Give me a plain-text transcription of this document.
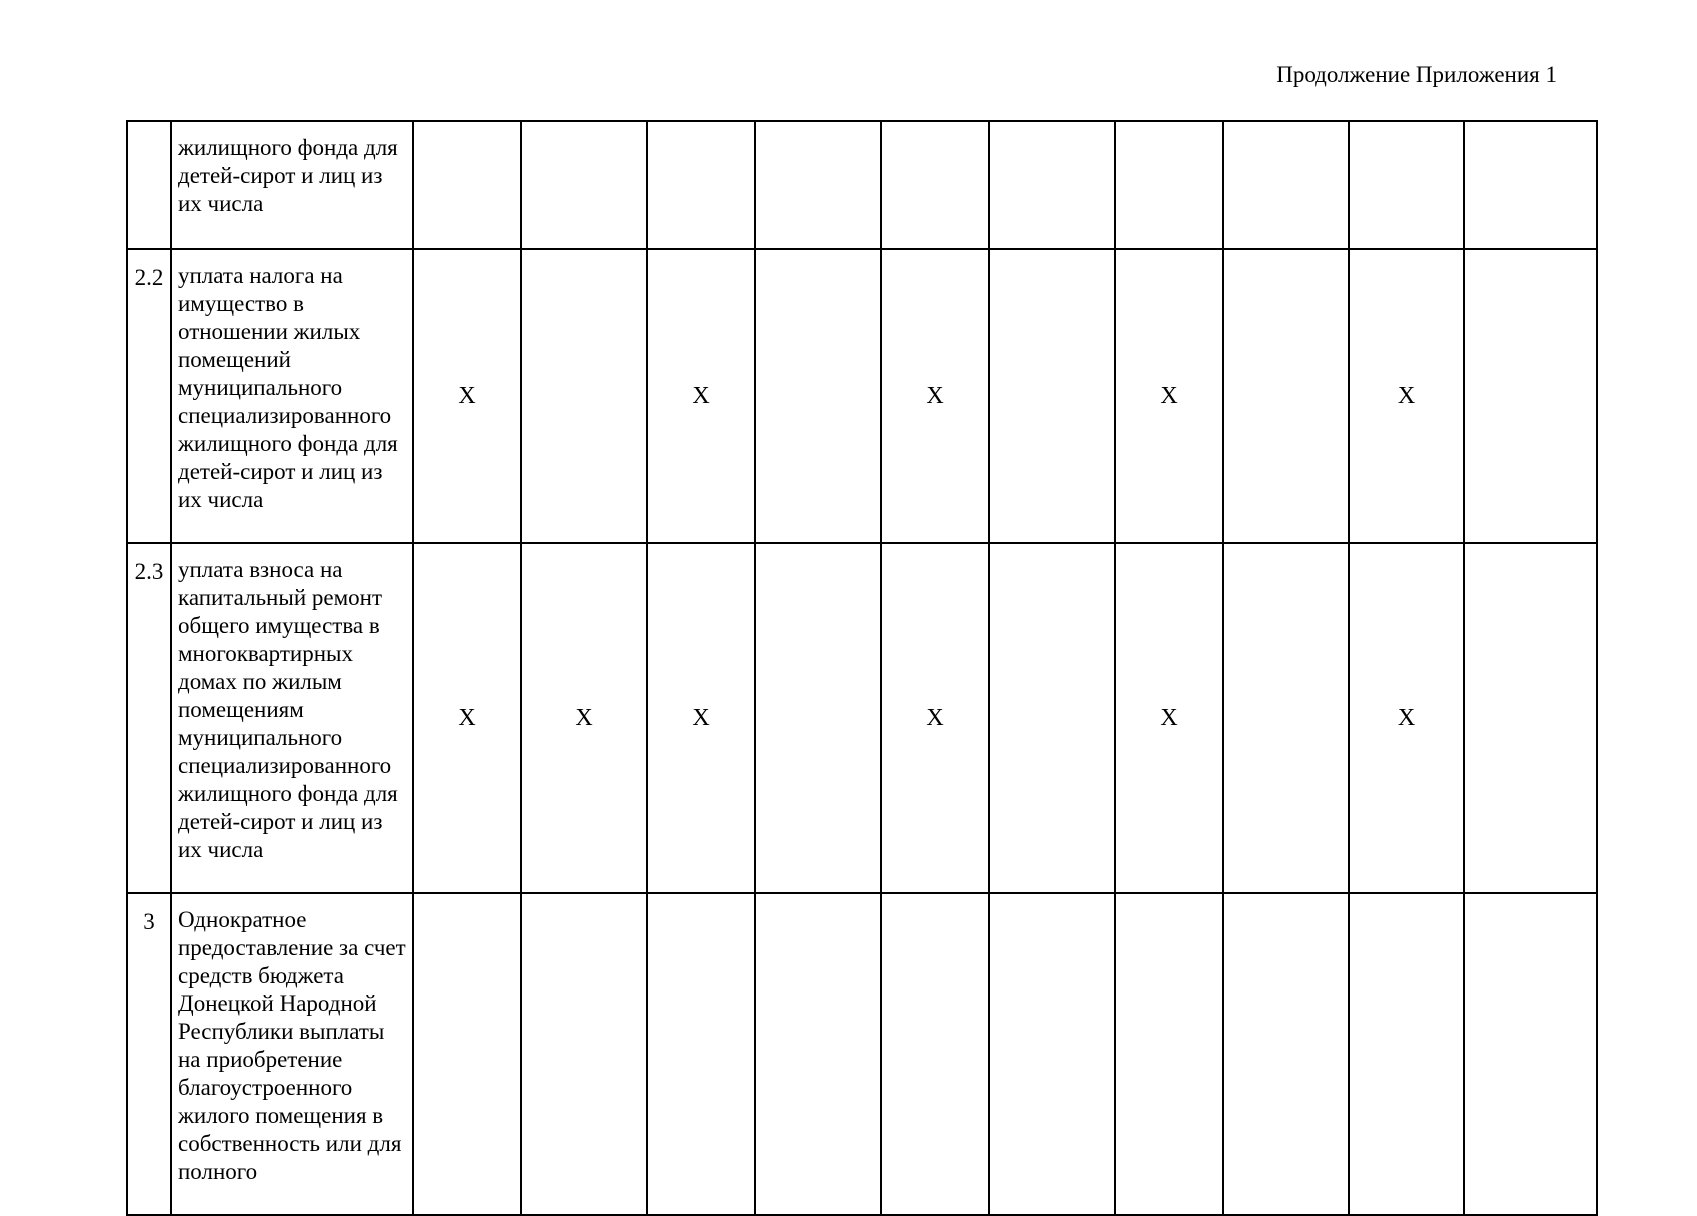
Продолжение Приложения 1
	жилищного фонда для детей-сирот и лиц из их числа										
2.2	уплата налога на имущество в отношении жилых помещений муниципального специализированного жилищного фонда для детей-сирот и лиц из их числа	X		X		X		X		X	
2.3	уплата взноса на капитальный ремонт общего имущества в многоквартирных домах по жилым помещениям муниципального специализированного жилищного фонда для детей-сирот и лиц из их числа	X	X	X		X		X		X	
3	Однократное предоставление за счет средств бюджета Донецкой Народной Республики выплаты на приобретение благоустроенного жилого помещения в собственность или для полного										
